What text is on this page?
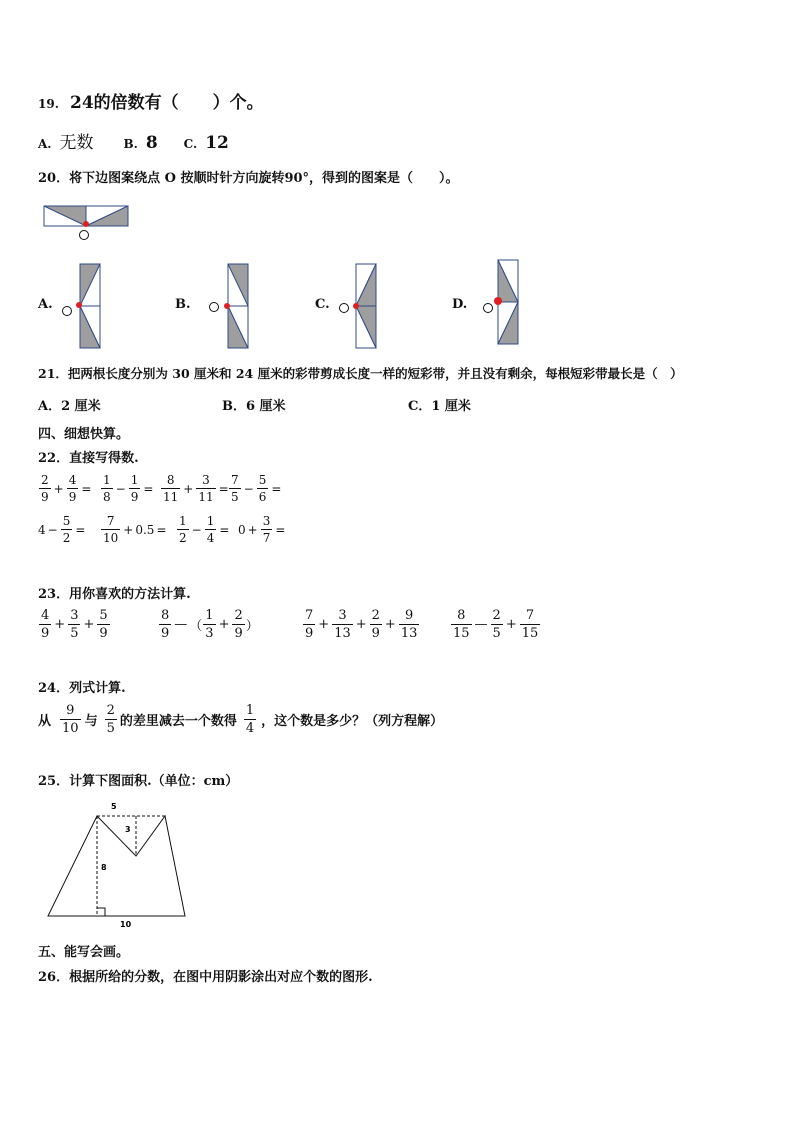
19. 24的倍数有（　　）个。
A. 无数	B. 8 C. 12
20．将下边图案绕点 O 按顺时针方向旋转90°，得到的图案是（　　）。
A.	B.	C.	D.
21．把两根长度分别为 30 厘米和 24 厘米的彩带剪成长度一样的短彩带，并且没有剩余，每根短彩带最长是（　）
A．2 厘米	B．6 厘米	C．1 厘米
四、细想快算。
22．直接写得数.
$\frac{2}{9} + \frac{4}{9} = \frac{1}{8} - \frac{1}{9} = \frac{8}{11} + \frac{3}{11} = \frac{7}{5} - \frac{5}{6}$ =
$4 - \frac{5}{2} = \frac{7}{10} + 0.5 = \frac{1}{2} - \frac{1}{4} = 0 + \frac{3}{7}$ =
23．用你喜欢的方法计算.
$\frac{4}{9} + \frac{3}{5} + \frac{5}{9}$	$\frac{8}{9}$ — （ $\frac{1}{3} + \frac{2}{9}$ ）	$\frac{7}{9} + \frac{3}{13} + \frac{2}{9} + \frac{9}{13} \frac{8}{15}$ — $\frac{2}{5} + \frac{7}{15}$
24．列式计算.
从 $\frac{9}{10}$ 与 $\frac{2}{5}$ 的差里减去一个数得 $\frac{1}{4}$ ，这个数是多少？（列方程解）
25．计算下图面积.（单位：cm）
5
3
8
10
五、能写会画。
26．根据所给的分数，在图中用阴影涂出对应个数的图形.
